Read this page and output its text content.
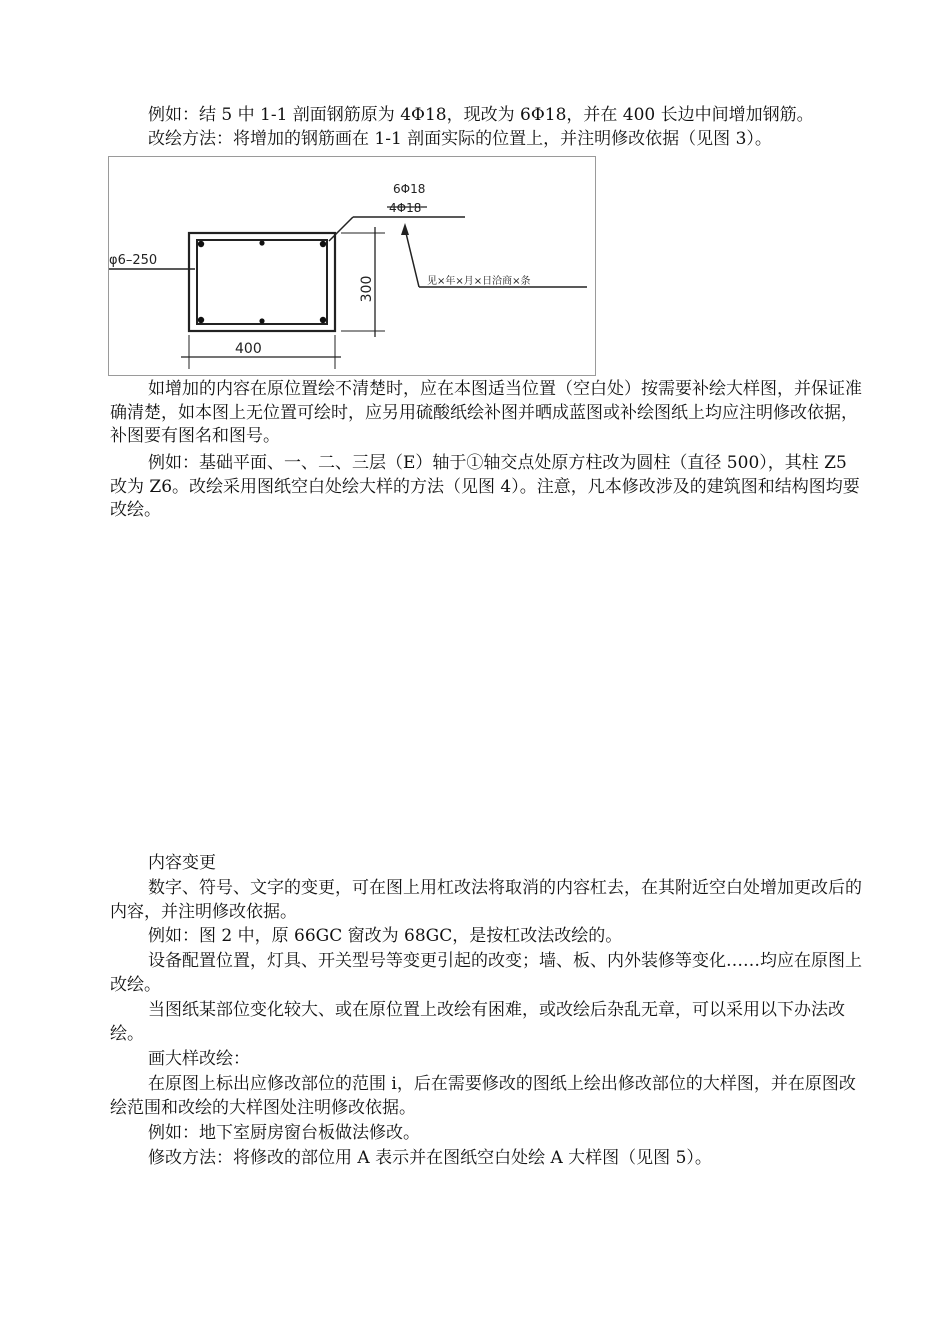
例如：结 5 中 1-1 剖面钢筋原为 4Φ18，现改为 6Φ18，并在 400 长边中间增加钢筋。

改绘方法：将增加的钢筋画在 1-1 剖面实际的位置上，并注明修改依据（见图 3）。

φ6–250
6Φ18
4Φ18
见×年×月×日洽商×条
300
400

如增加的内容在原位置绘不清楚时，应在本图适当位置（空白处）按需要补绘大样图，并保证准确清楚，如本图上无位置可绘时，应另用硫酸纸绘补图并晒成蓝图或补绘图纸上均应注明修改依据，补图要有图名和图号。

例如：基础平面、一、二、三层（E）轴于①轴交点处原方柱改为圆柱（直径 500），其柱 Z5 改为 Z6。改绘采用图纸空白处绘大样的方法（见图 4）。注意，凡本修改涉及的建筑图和结构图均要改绘。

内容变更

数字、符号、文字的变更，可在图上用杠改法将取消的内容杠去，在其附近空白处增加更改后的内容，并注明修改依据。

例如：图 2 中，原 66GC 窗改为 68GC，是按杠改法改绘的。

设备配置位置，灯具、开关型号等变更引起的改变；墙、板、内外装修等变化……均应在原图上改绘。

当图纸某部位变化较大、或在原位置上改绘有困难，或改绘后杂乱无章，可以采用以下办法改绘。

画大样改绘：

在原图上标出应修改部位的范围 i，后在需要修改的图纸上绘出修改部位的大样图，并在原图改绘范围和改绘的大样图处注明修改依据。

例如：地下室厨房窗台板做法修改。

修改方法：将修改的部位用 A 表示并在图纸空白处绘 A 大样图（见图 5）。
